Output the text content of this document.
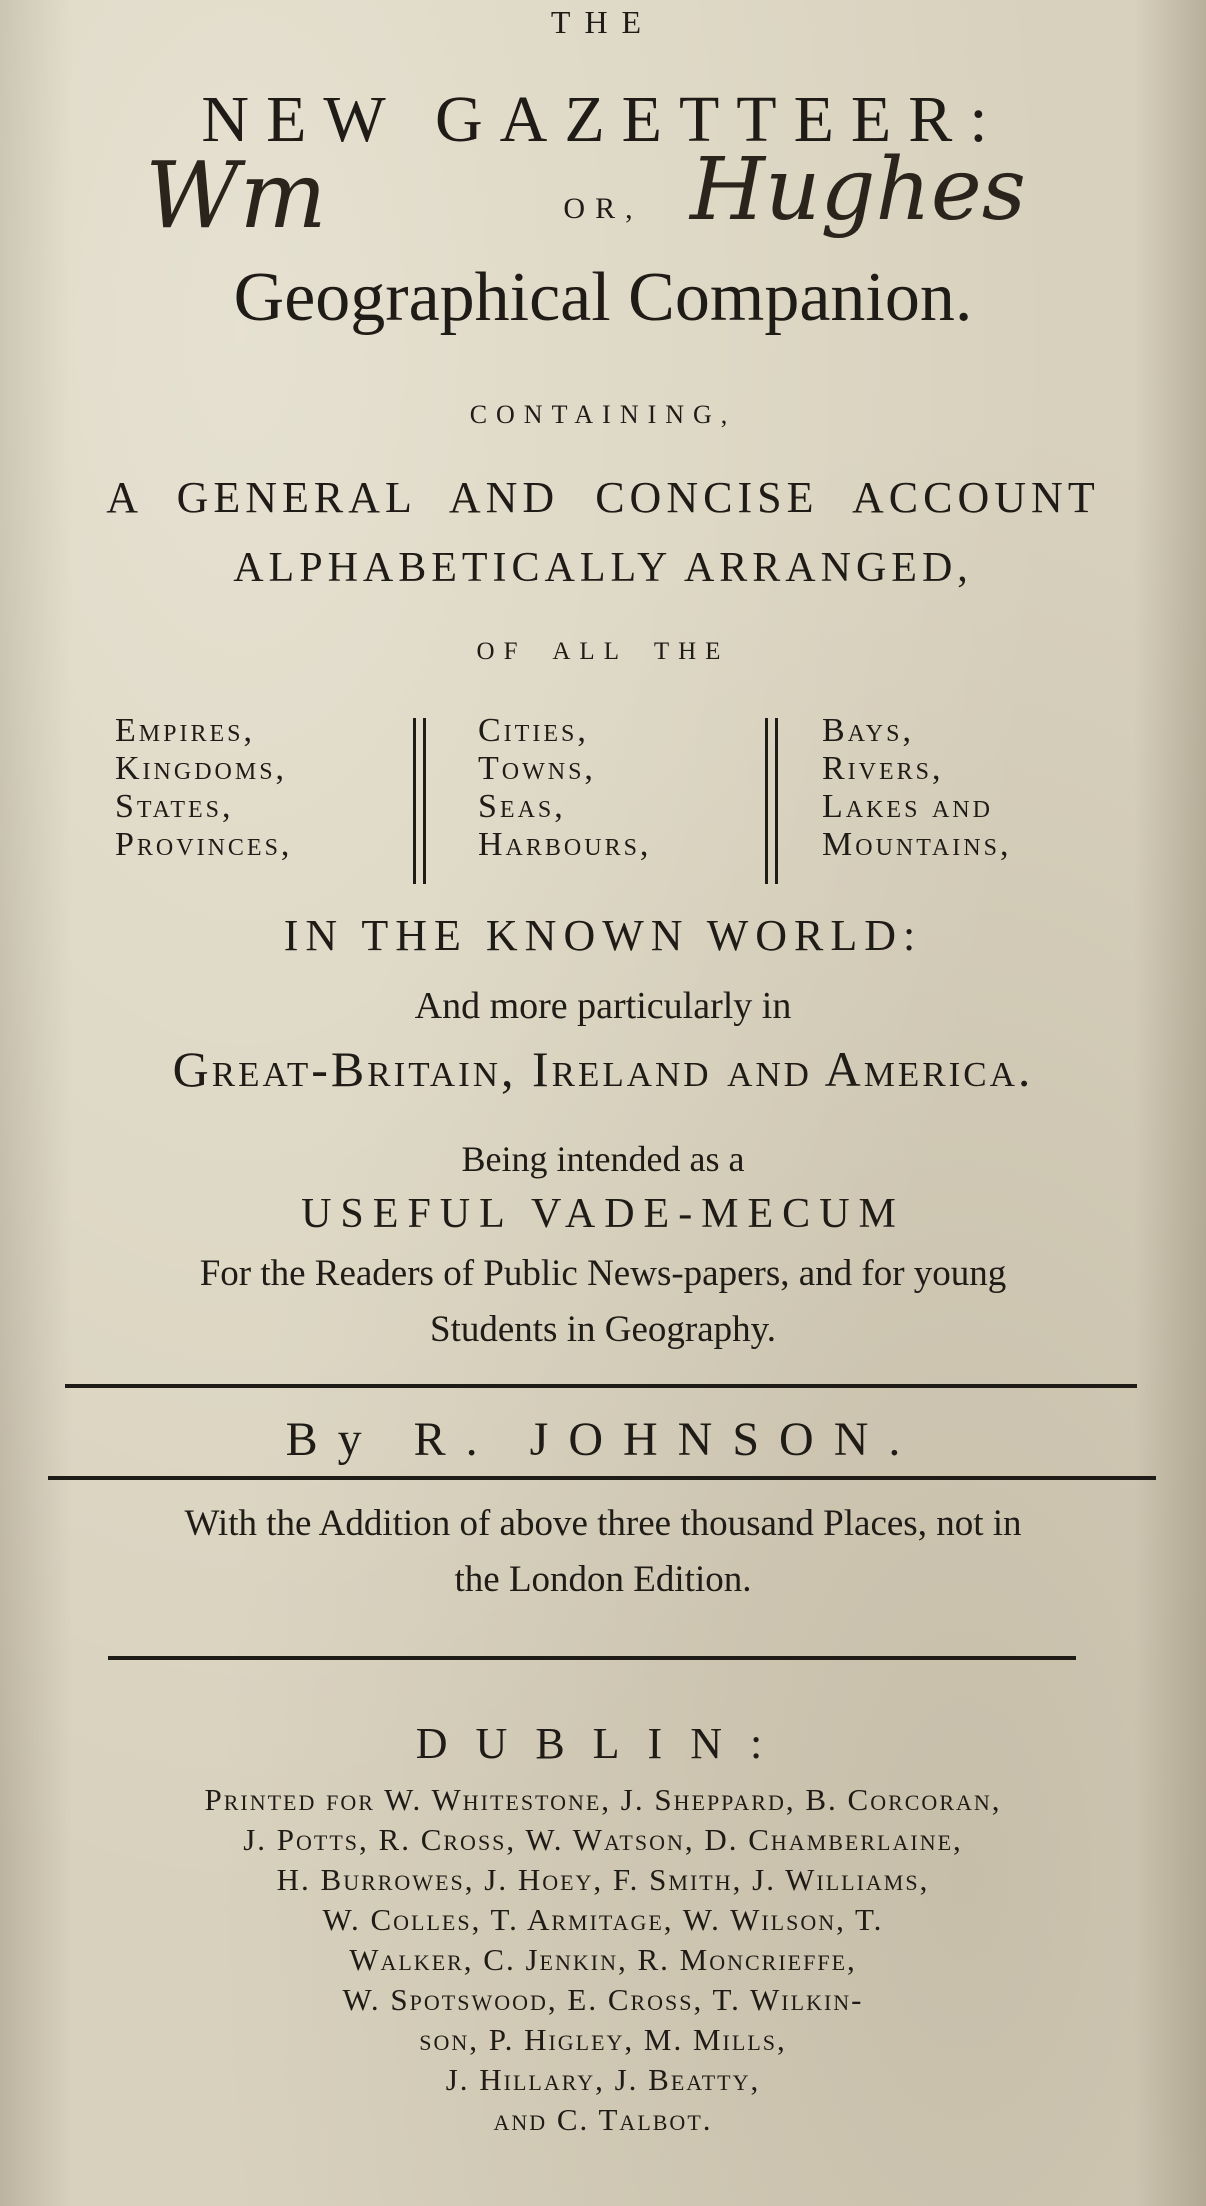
THE
NEW GAZETTEER:
Wm	Hughes
OR,
Geographical Companion.
CONTAINING,
A GENERAL AND CONCISE ACCOUNT
ALPHABETICALLY ARRANGED,
OF ALL THE
Empires,
Kingdoms,
States,
Provinces,
Cities,
Towns,
Seas,
Harbours,
Bays,
Rivers,
Lakes and
Mountains,
IN THE KNOWN WORLD:
And more particularly in
Great-Britain, Ireland and America.
Being intended as a
USEFUL VADE-MECUM
For the Readers of Public News-papers, and for young
Students in Geography.
By R. JOHNSON.
With the Addition of above three thousand Places, not in
the London Edition.
DUBLIN:
Printed for W. Whitestone, J. Sheppard, B. Corcoran,
J. Potts, R. Cross, W. Watson, D. Chamberlaine,
H. Burrowes, J. Hoey, F. Smith, J. Williams,
W. Colles, T. Armitage, W. Wilson, T.
Walker, C. Jenkin, R. Moncrieffe,
W. Spotswood, E. Cross, T. Wilkin-
son, P. Higley, M. Mills,
J. Hillary, J. Beatty,
and C. Talbot.
